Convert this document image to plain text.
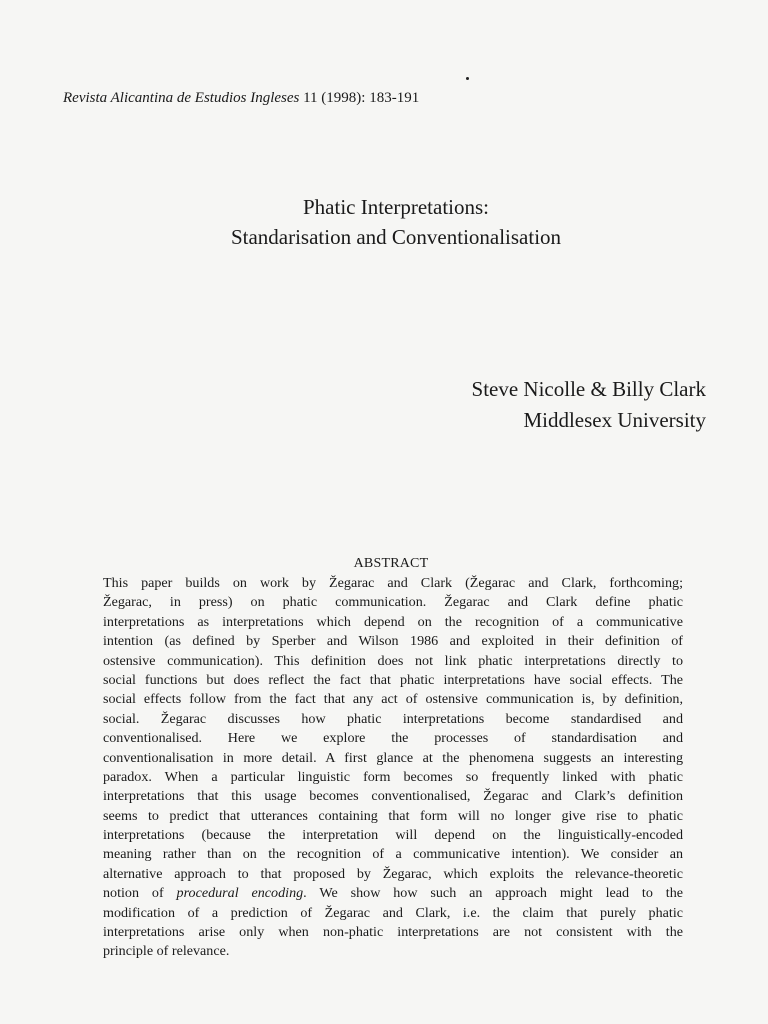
Revista Alicantina de Estudios Ingleses 11 (1998): 183-191
Phatic Interpretations:
Standarisation and Conventionalisation
Steve Nicolle & Billy Clark
Middlesex University
ABSTRACT
This paper builds on work by Žegarac and Clark (Žegarac and Clark, forthcoming;
Žegarac, in press) on phatic communication. Žegarac and Clark define phatic
interpretations as interpretations which depend on the recognition of a communicative
intention (as defined by Sperber and Wilson 1986 and exploited in their definition of
ostensive communication). This definition does not link phatic interpretations directly to
social functions but does reflect the fact that phatic interpretations have social effects. The
social effects follow from the fact that any act of ostensive communication is, by definition,
social. Žegarac discusses how phatic interpretations become standardised and
conventionalised. Here we explore the processes of standardisation and
conventionalisation in more detail. A first glance at the phenomena suggests an interesting
paradox. When a particular linguistic form becomes so frequently linked with phatic
interpretations that this usage becomes conventionalised, Žegarac and Clark’s definition
seems to predict that utterances containing that form will no longer give rise to phatic
interpretations (because the interpretation will depend on the linguistically-encoded
meaning rather than on the recognition of a communicative intention). We consider an
alternative approach to that proposed by Žegarac, which exploits the relevance-theoretic
notion of procedural encoding. We show how such an approach might lead to the
modification of a prediction of Žegarac and Clark, i.e. the claim that purely phatic
interpretations arise only when non-phatic interpretations are not consistent with the
principle of relevance.
